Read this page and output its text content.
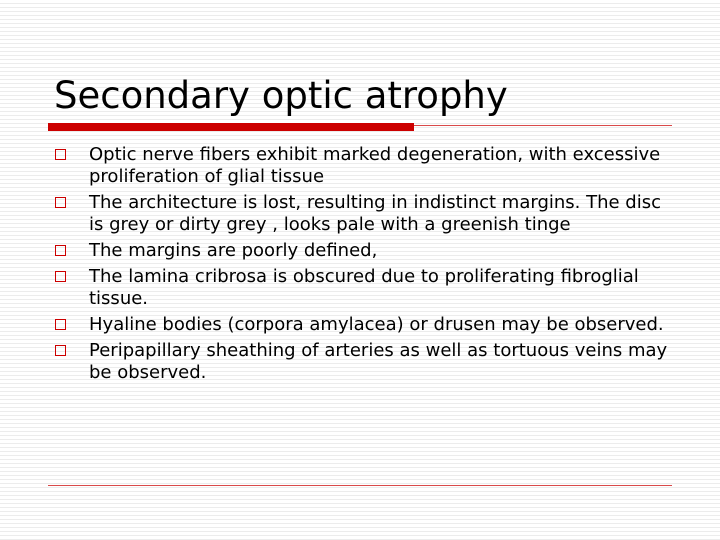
Secondary optic atrophy
Optic nerve fibers exhibit marked degeneration, with excessive proliferation of glial tissue
The architecture is lost, resulting in indistinct margins. The disc is grey or dirty grey , looks pale with a greenish tinge
The margins are poorly defined,
The lamina cribrosa is obscured due to proliferating fibroglial tissue.
Hyaline bodies (corpora amylacea) or drusen may be observed.
Peripapillary sheathing of arteries as well as tortuous veins may be observed.
